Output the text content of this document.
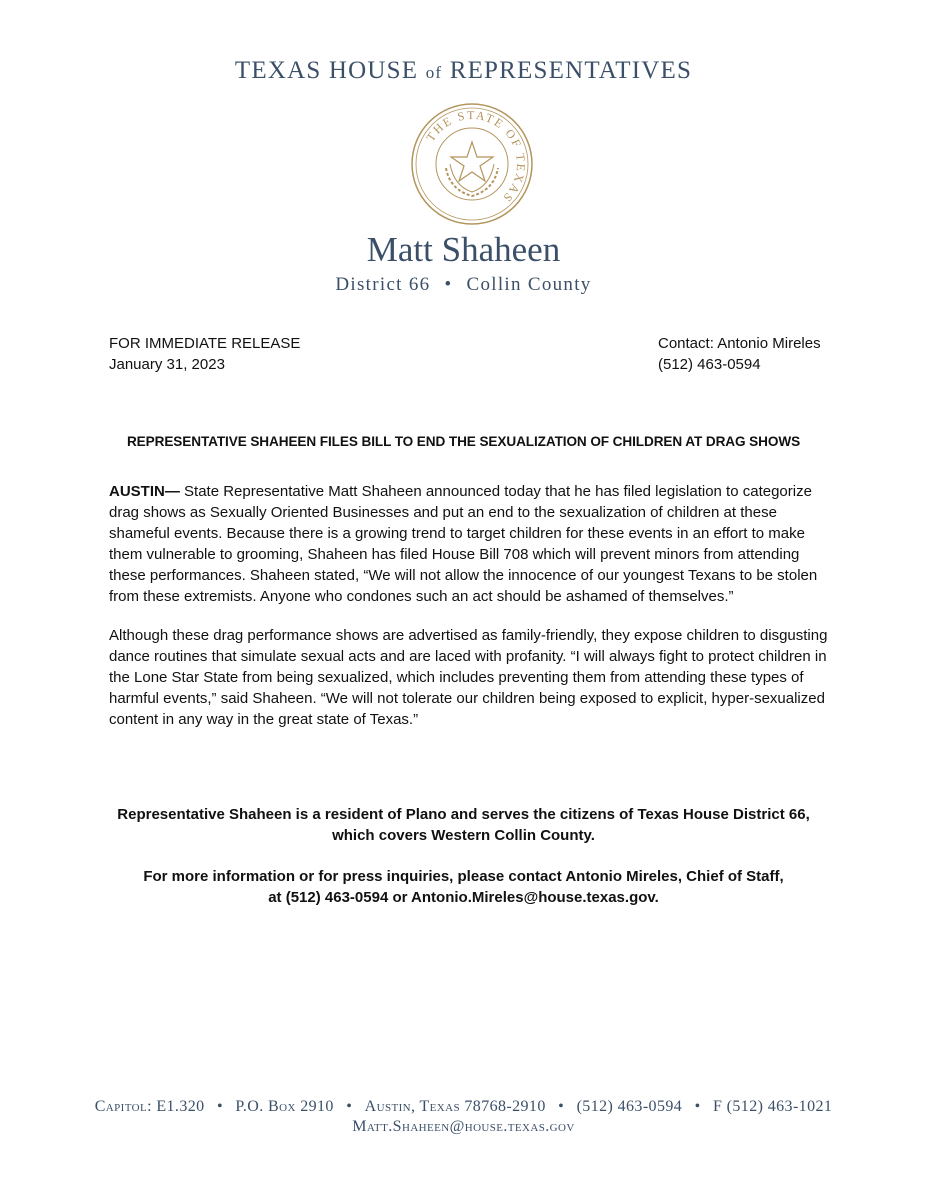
TEXAS HOUSE of REPRESENTATIVES
THE STATE OF TEXAS
Matt Shaheen
District 66 • Collin County
FOR IMMEDIATE RELEASE
January 31, 2023
Contact: Antonio Mireles
(512) 463-0594
REPRESENTATIVE SHAHEEN FILES BILL TO END THE SEXUALIZATION OF CHILDREN AT DRAG SHOWS
AUSTIN— State Representative Matt Shaheen announced today that he has filed legislation to categorize drag shows as Sexually Oriented Businesses and put an end to the sexualization of children at these shameful events. Because there is a growing trend to target children for these events in an effort to make them vulnerable to grooming, Shaheen has filed House Bill 708 which will prevent minors from attending these performances. Shaheen stated, “We will not allow the innocence of our youngest Texans to be stolen from these extremists. Anyone who condones such an act should be ashamed of themselves.”
Although these drag performance shows are advertised as family-friendly, they expose children to disgusting dance routines that simulate sexual acts and are laced with profanity. “I will always fight to protect children in the Lone Star State from being sexualized, which includes preventing them from attending these types of harmful events,” said Shaheen. “We will not tolerate our children being exposed to explicit, hyper-sexualized content in any way in the great state of Texas.”
Representative Shaheen is a resident of Plano and serves the citizens of Texas House District 66, which covers Western Collin County.
For more information or for press inquiries, please contact Antonio Mireles, Chief of Staff,
at (512) 463-0594 or Antonio.Mireles@house.texas.gov.
Capitol: E1.320 • P.O. Box 2910 • Austin, Texas 78768-2910 • (512) 463-0594 • F (512) 463-1021
Matt.Shaheen@house.texas.gov
